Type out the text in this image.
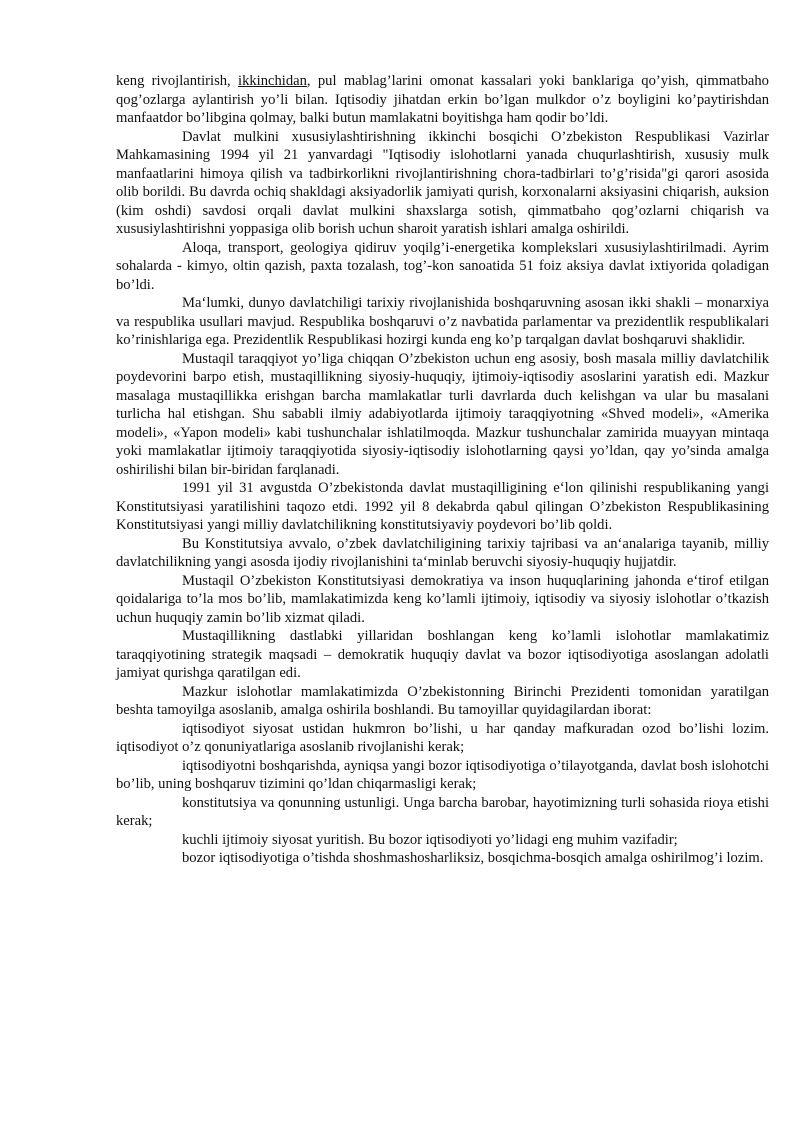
keng rivojlantirish, ikkinchidan, pul mablag’larini omonat kassalari yoki banklariga qo’yish, qimmatbaho qog’ozlarga aylantirish yo’li bilan. Iqtisodiy jihatdan erkin bo’lgan mulkdor o’z boyligini ko’paytirishdan manfaatdor bo’libgina qolmay, balki butun mamlakatni boyitishga ham qodir bo’ldi.

Davlat mulkini xususiylashtirishning ikkinchi bosqichi O’zbekiston Respublikasi Vazirlar Mahkamasining 1994 yil 21 yanvardagi "Iqtisodiy islohotlarni yanada chuqurlashtirish, xususiy mulk manfaatlarini himoya qilish va tadbirkorlikni rivojlantirishning chora-tadbirlari to’g’risida"gi qarori asosida olib borildi. Bu davrda ochiq shakldagi aksiyadorlik jamiyati qurish, korxonalarni aksiyasini chiqarish, auksion (kim oshdi) savdosi orqali davlat mulkini shaxslarga sotish, qimmatbaho qog’ozlarni chiqarish va xususiylashtirishni yoppasiga olib borish uchun sharoit yaratish ishlari amalga oshirildi.

Aloqa, transport, geologiya qidiruv yoqilg’i-energetika komplekslari xususiylashtirilmadi. Ayrim sohalarda - kimyo, oltin qazish, paxta tozalash, tog’-kon sanoatida 51 foiz aksiya davlat ixtiyorida qoladigan bo’ldi.

Ma‘lumki, dunyo davlatchiligi tarixiy rivojlanishida boshqaruvning asosan ikki shakli – monarxiya va respublika usullari mavjud. Respublika boshqaruvi o’z navbatida parlamentar va prezidentlik respublikalari ko’rinishlariga ega. Prezidentlik Respublikasi hozirgi kunda eng ko’p tarqalgan davlat boshqaruvi shaklidir.

Mustaqil taraqqiyot yo’liga chiqqan O’zbekiston uchun eng asosiy, bosh masala milliy davlatchilik poydevorini barpo etish, mustaqillikning siyosiy-huquqiy, ijtimoiy-iqtisodiy asoslarini yaratish edi. Mazkur masalaga mustaqillikka erishgan barcha mamlakatlar turli davrlarda duch kelishgan va ular bu masalani turlicha hal etishgan. Shu sababli ilmiy adabiyotlarda ijtimoiy taraqqiyotning «Shved modeli», «Amerika modeli», «Yapon modeli» kabi tushunchalar ishlatilmoqda. Mazkur tushunchalar zamirida muayyan mintaqa yoki mamlakatlar ijtimoiy taraqqiyotida siyosiy-iqtisodiy islohotlarning qaysi yo’ldan, qay yo’sinda amalga oshirilishi bilan bir-biridan farqlanadi.

1991 yil 31 avgustda O’zbekistonda davlat mustaqilligining e‘lon qilinishi respublikaning yangi Konstitutsiyasi yaratilishini taqozo etdi. 1992 yil 8 dekabrda qabul qilingan O’zbekiston Respublikasining Konstitutsiyasi yangi milliy davlatchilikning konstitutsiyaviy poydevori bo’lib qoldi.

Bu Konstitutsiya avvalo, o’zbek davlatchiligining tarixiy tajribasi va an‘analariga tayanib, milliy davlatchilikning yangi asosda ijodiy rivojlanishini ta‘minlab beruvchi siyosiy-huquqiy hujjatdir.

Mustaqil O’zbekiston Konstitutsiyasi demokratiya va inson huquqlarining jahonda e‘tirof etilgan qoidalariga to’la mos bo’lib, mamlakatimizda keng ko’lamli ijtimoiy, iqtisodiy va siyosiy islohotlar o’tkazish uchun huquqiy zamin bo’lib xizmat qiladi.

Mustaqillikning dastlabki yillaridan boshlangan keng ko’lamli islohotlar mamlakatimiz taraqqiyotining strategik maqsadi – demokratik huquqiy davlat va bozor iqtisodiyotiga asoslangan adolatli jamiyat qurishga qaratilgan edi.

Mazkur islohotlar mamlakatimizda O’zbekistonning Birinchi Prezidenti tomonidan yaratilgan beshta tamoyilga asoslanib, amalga oshirila boshlandi. Bu tamoyillar quyidagilardan iborat:

iqtisodiyot siyosat ustidan hukmron bo’lishi, u har qanday mafkuradan ozod bo’lishi lozim. iqtisodiyot o’z qonuniyatlariga asoslanib rivojlanishi kerak;

iqtisodiyotni boshqarishda, ayniqsa yangi bozor iqtisodiyotiga o’tilayotganda, davlat bosh islohotchi bo’lib, uning boshqaruv tizimini qo’ldan chiqarmasligi kerak;

konstitutsiya va qonunning ustunligi. Unga barcha barobar, hayotimizning turli sohasida rioya etishi kerak;

kuchli ijtimoiy siyosat yuritish. Bu bozor iqtisodiyoti yo’lidagi eng muhim vazifadir;

bozor iqtisodiyotiga o’tishda shoshmashosharliksiz, bosqichma-bosqich amalga oshirilmog’i lozim.
